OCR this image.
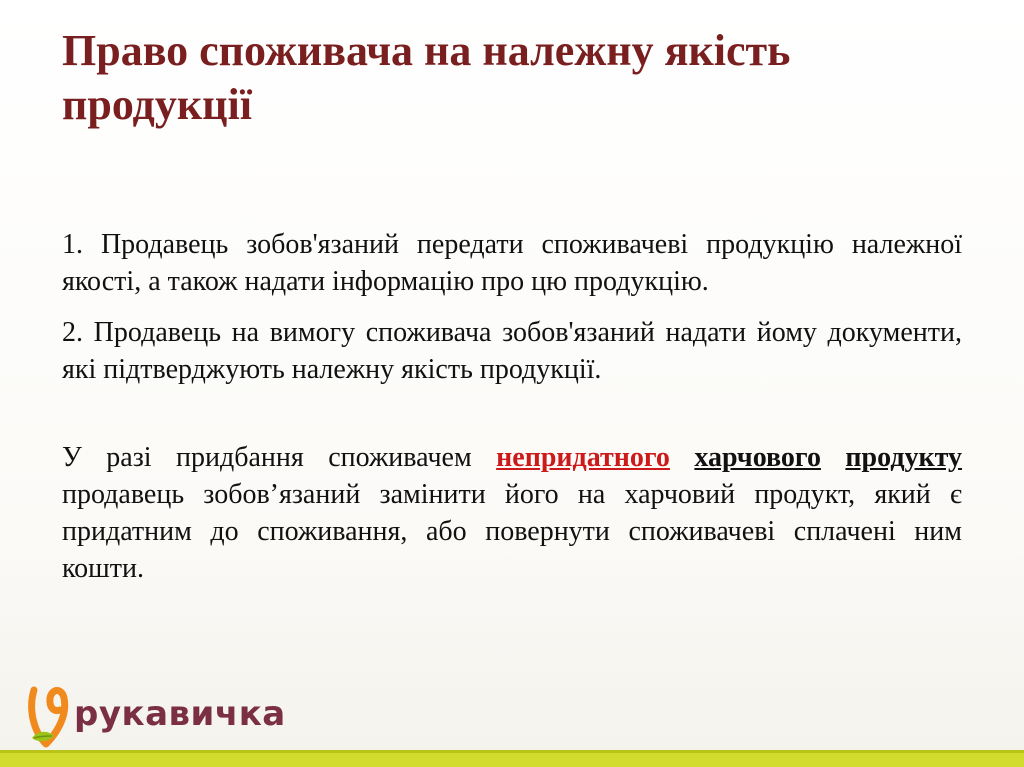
Право споживача на належну якість продукції

1. Продавець зобов'язаний передати споживачеві продукцію належної якості, а також надати інформацію про цю продукцію.

2. Продавець на вимогу споживача зобов'язаний надати йому документи, які підтверджують належну якість продукції.

У разі придбання споживачем непридатного харчового продукту продавець зобов’язаний замінити його на харчовий продукт, який є придатним до споживання, або повернути споживачеві сплачені ним кошти.

рукавичка
